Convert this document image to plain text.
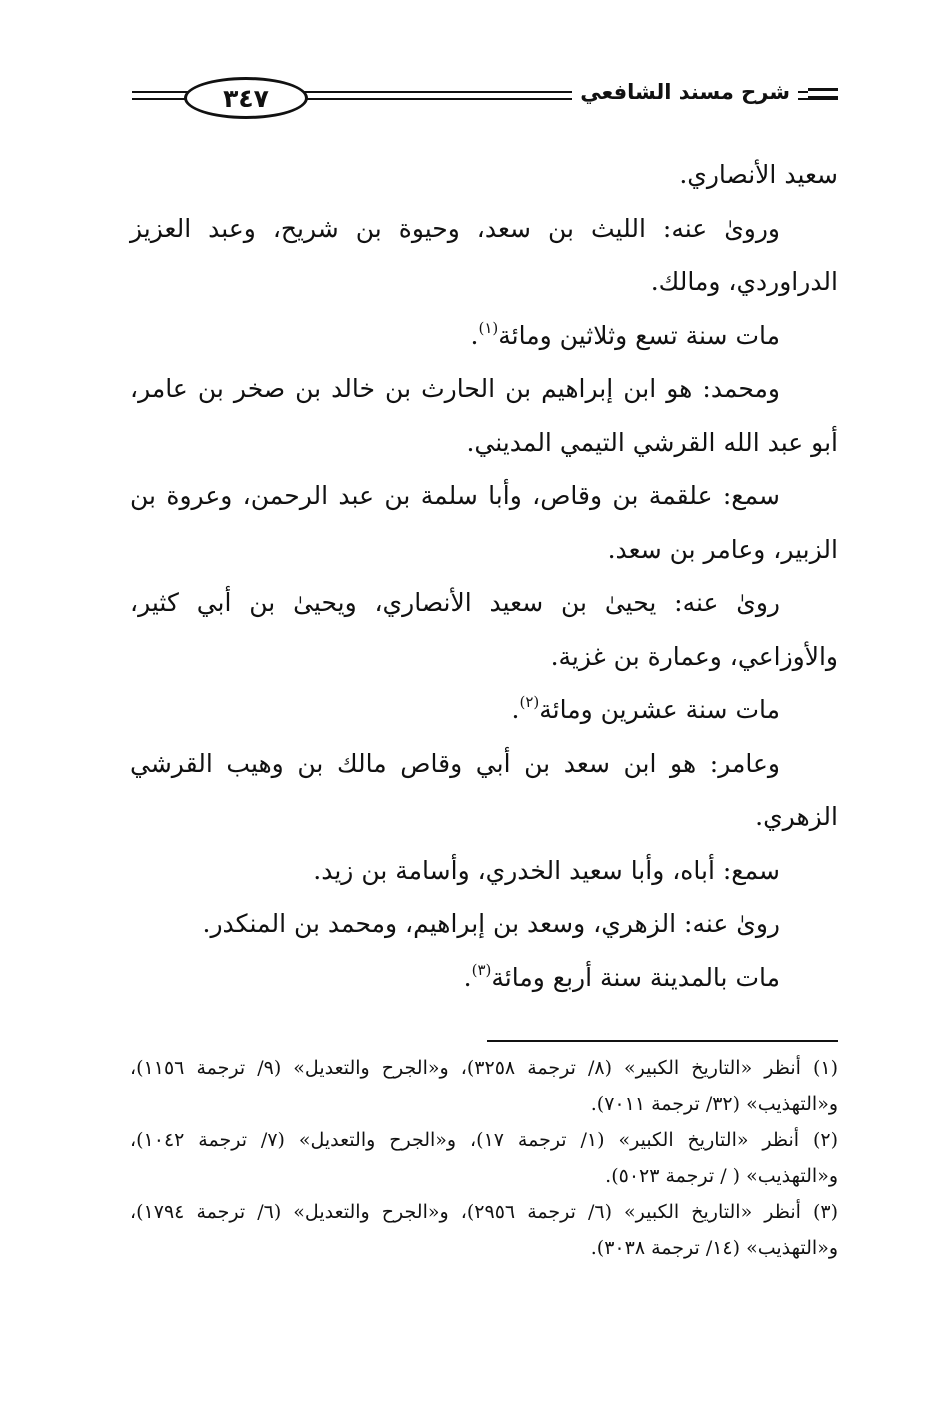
٣٤٧	شرح مسند الشافعي

سعيد الأنصاري.

وروىٰ عنه: الليث بن سعد، وحيوة بن شريح، وعبد العزيز الدراوردي، ومالك.

مات سنة تسع وثلاثين ومائة$^{(١)}$.

ومحمد: هو ابن إبراهيم بن الحارث بن خالد بن صخر بن عامر، أبو عبد الله القرشي التيمي المديني.

سمع: علقمة بن وقاص، وأبا سلمة بن عبد الرحمن، وعروة بن الزبير، وعامر بن سعد.

روىٰ عنه: يحيىٰ بن سعيد الأنصاري، ويحيىٰ بن أبي كثير، والأوزاعي، وعمارة بن غزية.

مات سنة عشرين ومائة$^{(٢)}$.

وعامر: هو ابن سعد بن أبي وقاص مالك بن وهيب القرشي الزهري.

سمع: أباه، وأبا سعيد الخدري، وأسامة بن زيد.

روىٰ عنه: الزهري، وسعد بن إبراهيم، ومحمد بن المنكدر.

مات بالمدينة سنة أربع ومائة$^{(٣)}$.

(١) أنظر «التاريخ الكبير» (٨/ ترجمة ٣٢٥٨)، و«الجرح والتعديل» (٩/ ترجمة ١١٥٦)، و«التهذيب» (٣٢/ ترجمة ٧٠١١).

(٢) أنظر «التاريخ الكبير» (١/ ترجمة ١٧)، و«الجرح والتعديل» (٧/ ترجمة ١٠٤٢)، و«التهذيب» ( / ترجمة ٥٠٢٣).

(٣) أنظر «التاريخ الكبير» (٦/ ترجمة ٢٩٥٦)، و«الجرح والتعديل» (٦/ ترجمة ١٧٩٤)، و«التهذيب» (١٤/ ترجمة ٣٠٣٨).
